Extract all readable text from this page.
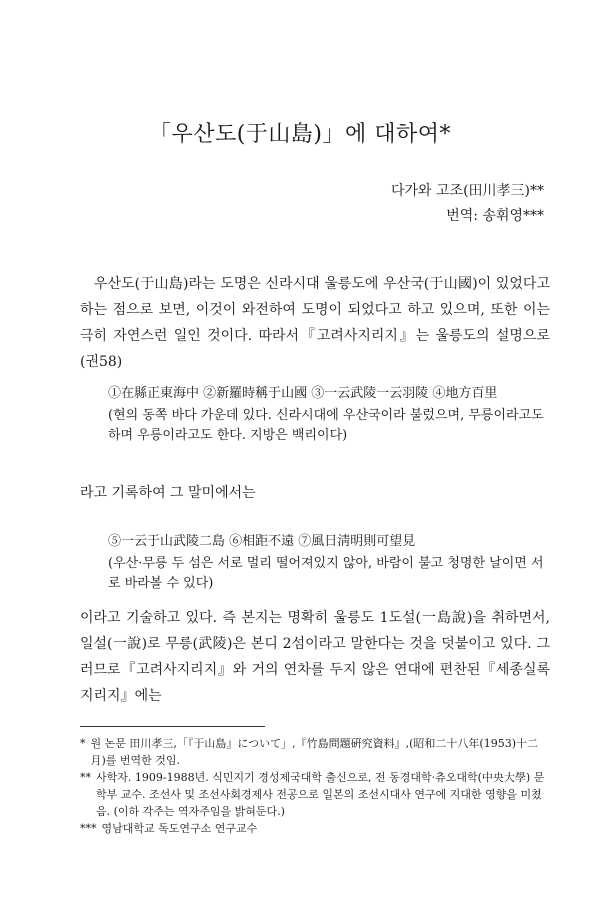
「우산도(于山島)」에 대하여*
다가와 고조(田川孝三)**
번역: 송휘영***
우산도(于山島)라는 도명은 신라시대 울릉도에 우산국(于山國)이 있었다고 하는 점으로 보면, 이것이 와전하여 도명이 되었다고 하고 있으며, 또한 이는 극히 자연스런 일인 것이다. 따라서『고려사지리지』는 울릉도의 설명으로(권58)
①在縣正東海中 ②新羅時稱于山國 ③一云武陵一云羽陵 ④地方百里
(현의 동쪽 바다 가운데 있다. 신라시대에 우산국이라 불렀으며, 무릉이라고도 하며 우릉이라고도 한다. 지방은 백리이다)
라고 기록하여 그 말미에서는
⑤一云于山武陵二島 ⑥相距不遠 ⑦風日淸明則可望見
(우산·무릉 두 섬은 서로 멀리 떨어져있지 않아, 바람이 불고 청명한 날이면 서로 바라볼 수 있다)
이라고 기술하고 있다. 즉 본지는 명확히 울릉도 1도설(一島說)을 취하면서, 일설(一說)로 무릉(武陵)은 본디 2섬이라고 말한다는 것을 덧붙이고 있다. 그러므로『고려사지리지』와 거의 연차를 두지 않은 연대에 편찬된『세종실록지리지』에는
* 원 논문 田川孝三,「『于山島』について」,『竹島問題硏究資料』,(昭和二十八年(1953)十二月)를 번역한 것임.
** 사학자. 1909-1988년. 식민지기 경성제국대학 출신으로, 전 동경대학·츄오대학(中央大學) 문학부 교수. 조선사 및 조선사회경제사 전공으로 일본의 조선시대사 연구에 지대한 영향을 미쳤음. (이하 각주는 역자주임을 밝혀둔다.)
*** 영남대학교 독도연구소 연구교수
